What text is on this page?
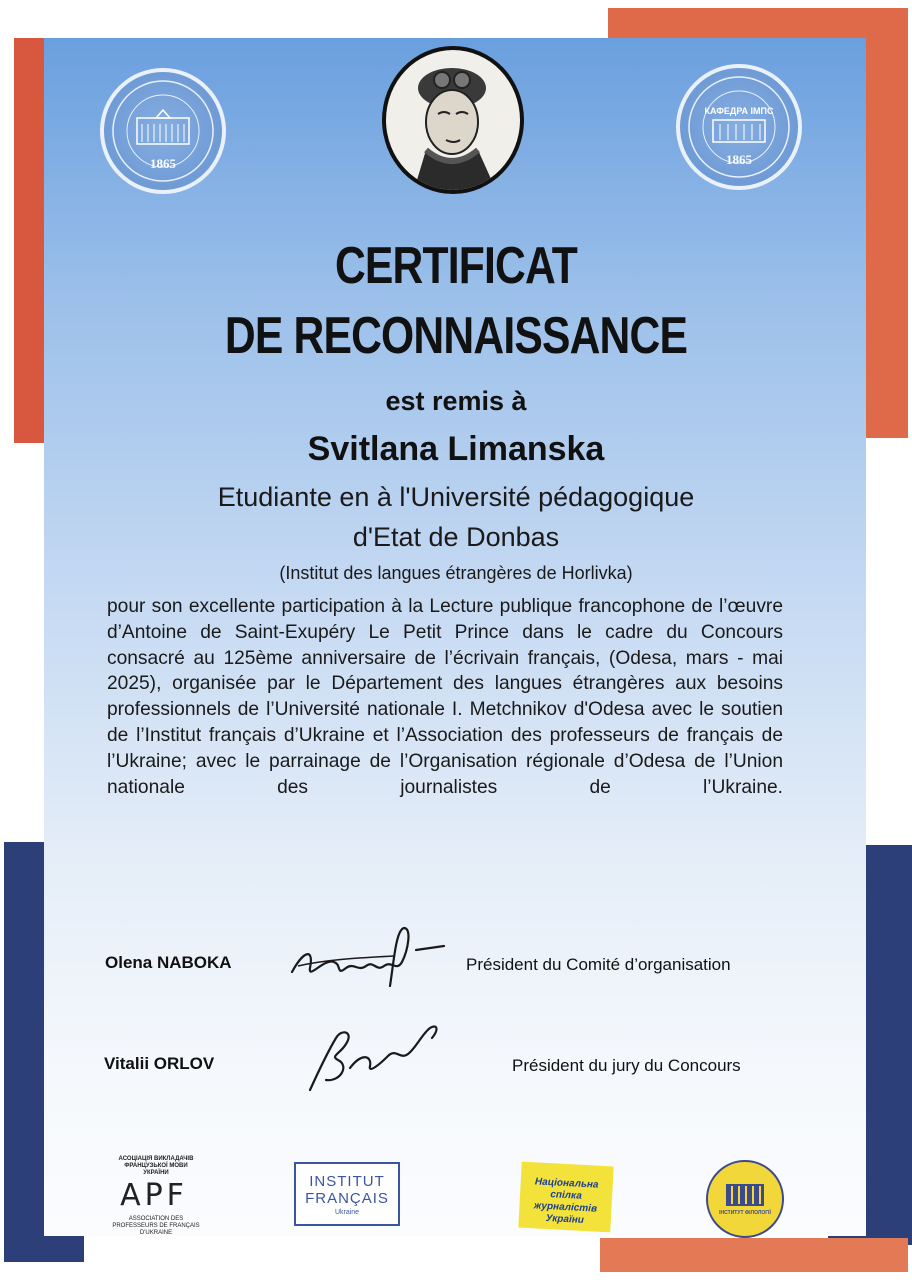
1865
КАФЕДРА ІМПС
1865
CERTIFICAT
DE RECONNAISSANCE
est remis à
Svitlana Limanska
Etudiante en à l'Université pédagogique
d'Etat de Donbas
(Institut des langues étrangères de Horlivka)
pour son excellente participation à la Lecture publique francophone de l’œuvre d’Antoine de Saint-Exupéry Le Petit Prince dans le cadre du Concours consacré au 125ème anniversaire de l’écrivain français, (Odesa, mars - mai 2025), organisée par le Département des langues étrangères aux besoins professionnels de l’Université nationale I. Metchnikov d'Odesa avec le soutien de l’Institut français d’Ukraine et l’Association des professeurs de français de l’Ukraine; avec le parrainage de l’Organisation régionale d’Odesa de l’Union nationale des journalistes de l’Ukraine.
Olena NABOKA	Président du Comité d’organisation
Vitalii ORLOV	Président du jury du Concours
АСОЦІАЦІЯ ВИКЛАДАЧІВ ФРАНЦУЗЬКОЇ МОВИ УКРАЇНИ
APF
ASSOCIATION DES PROFESSEURS DE FRANÇAIS D'UKRAINE
INSTITUT
FRANÇAIS
Ukraine
Національна спілка
журналістів
України	ІНСТИТУТ ФІЛОЛОГІЇ
